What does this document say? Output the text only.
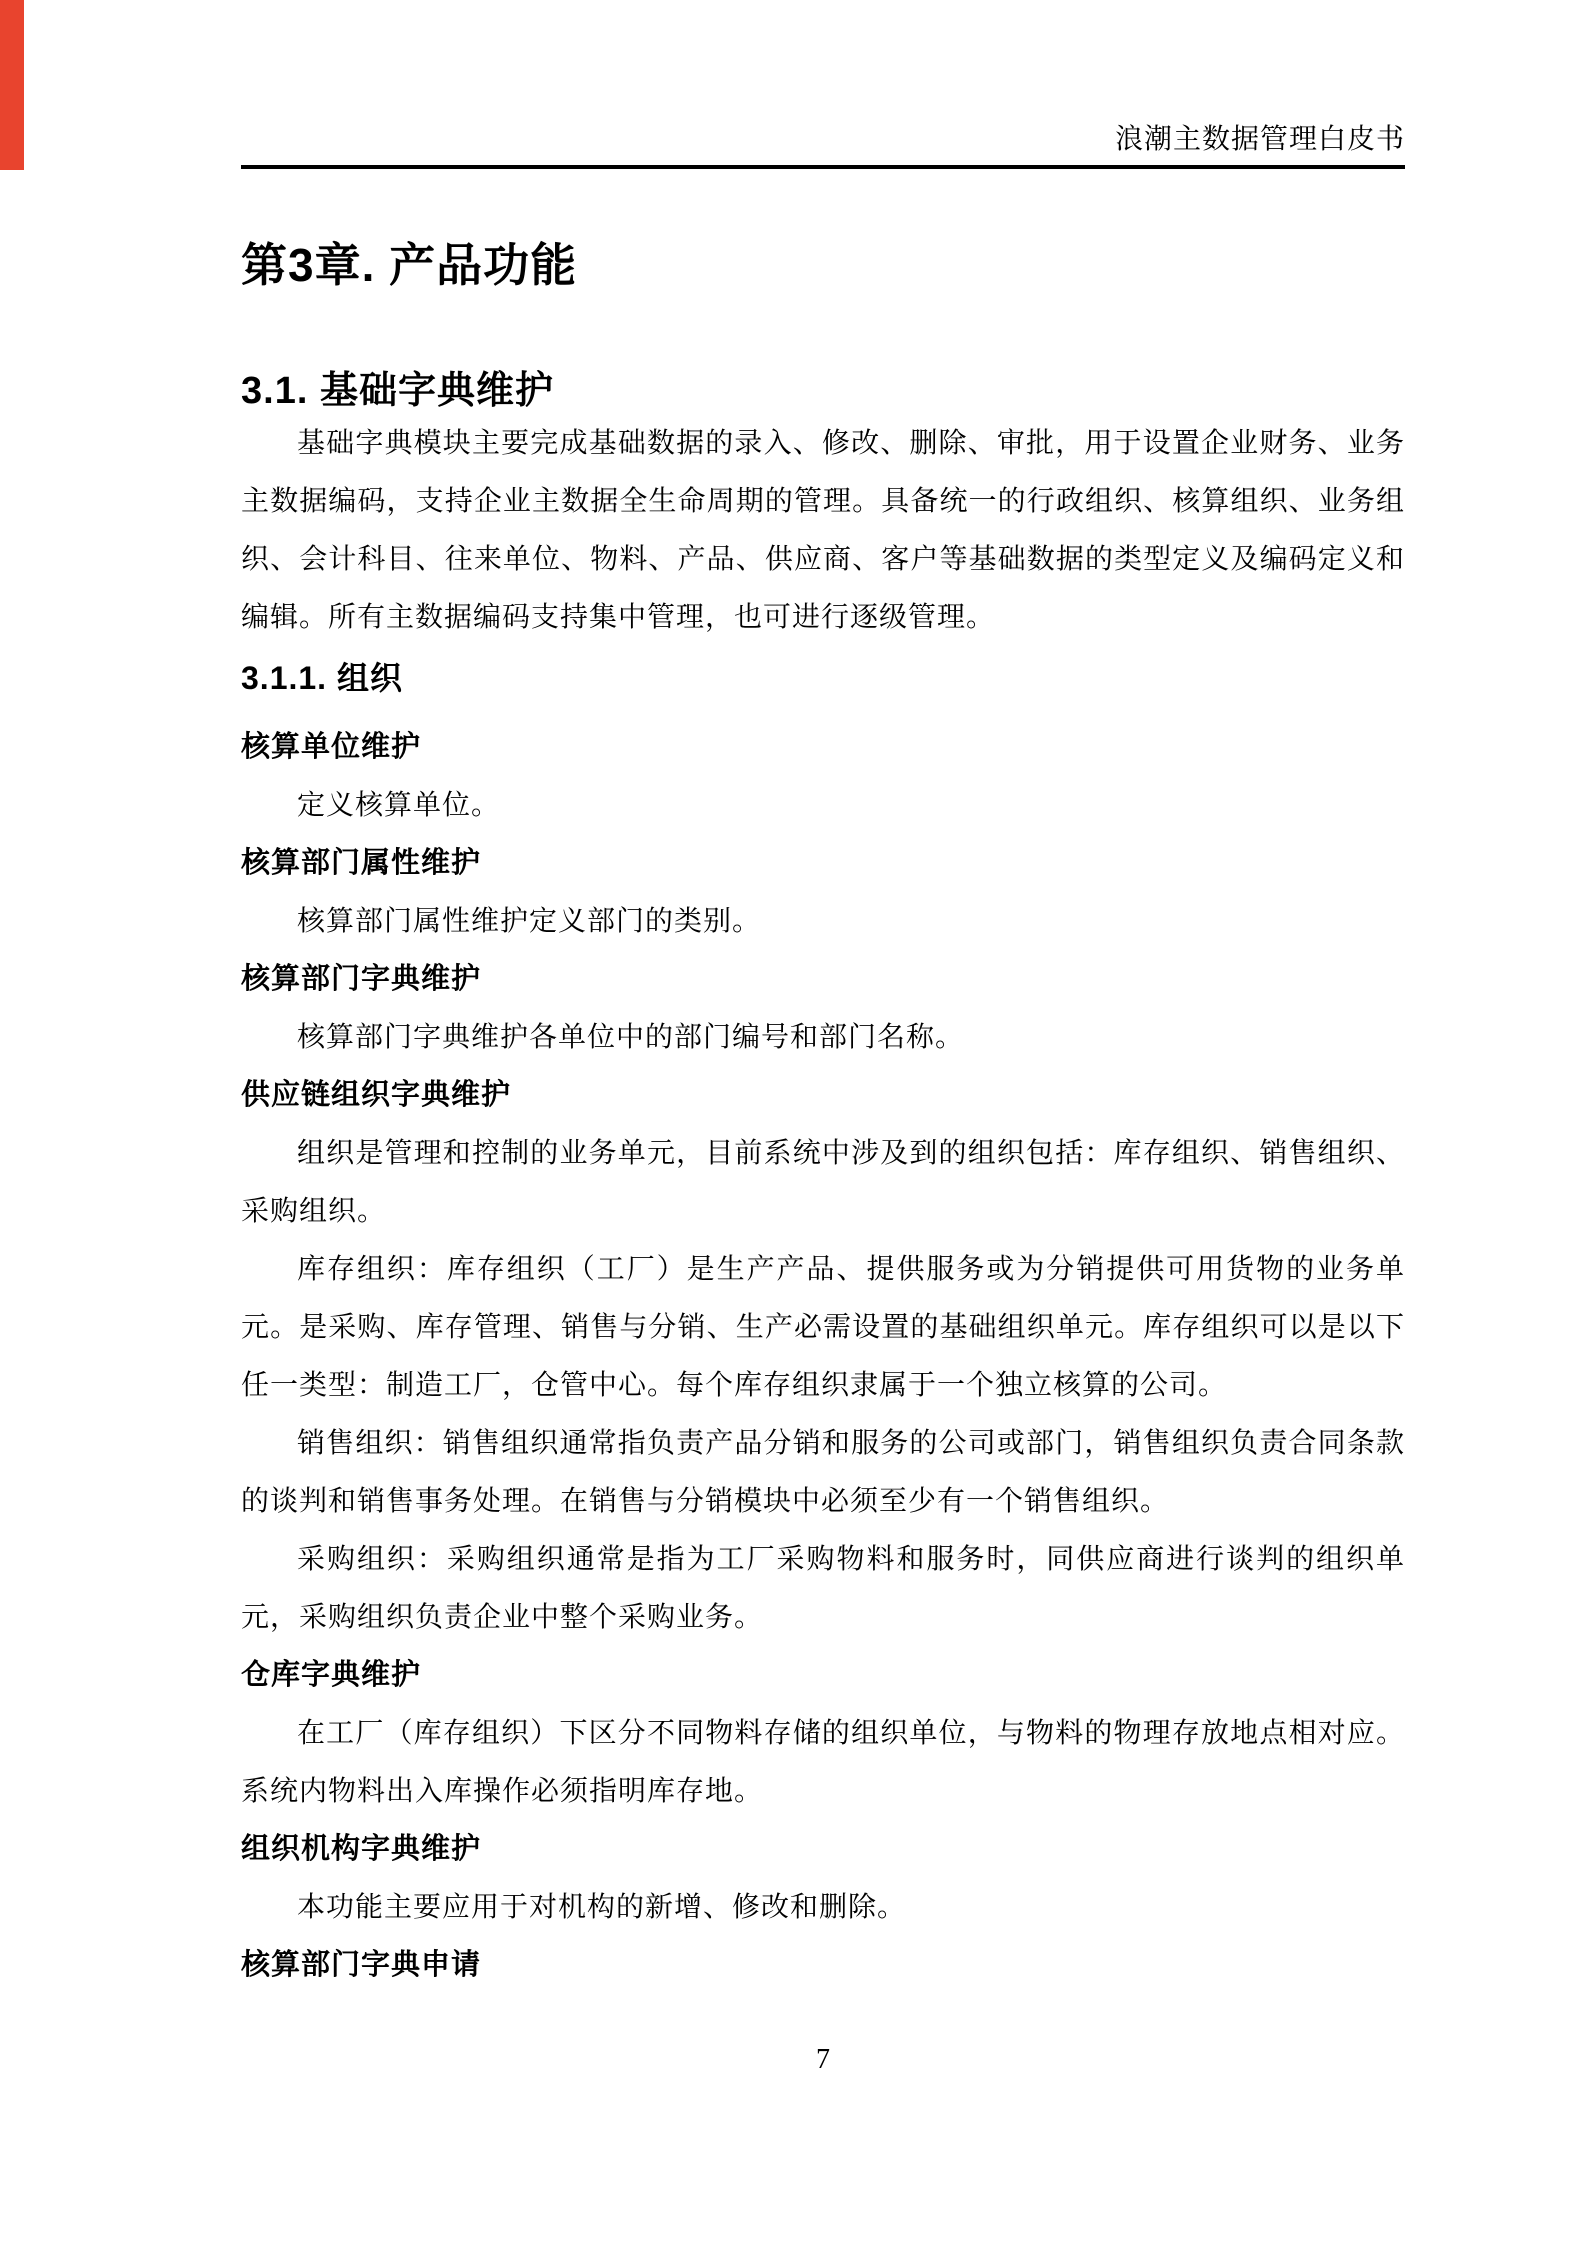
浪潮主数据管理白皮书
第3章. 产品功能
3.1. 基础字典维护

基础字典模块主要完成基础数据的录入、修改、删除、审批，用于设置企业财务、业务主数据编码，支持企业主数据全生命周期的管理。具备统一的行政组织、核算组织、业务组织、会计科目、往来单位、物料、产品、供应商、客户等基础数据的类型定义及编码定义和编辑。所有主数据编码支持集中管理，也可进行逐级管理。

3.1.1. 组织
核算单位维护

定义核算单位。

核算部门属性维护

核算部门属性维护定义部门的类别。

核算部门字典维护

核算部门字典维护各单位中的部门编号和部门名称。

供应链组织字典维护

组织是管理和控制的业务单元，目前系统中涉及到的组织包括：库存组织、销售组织、采购组织。

库存组织：库存组织（工厂）是生产产品、提供服务或为分销提供可用货物的业务单元。是采购、库存管理、销售与分销、生产必需设置的基础组织单元。库存组织可以是以下任一类型：制造工厂，仓管中心。每个库存组织隶属于一个独立核算的公司。

销售组织：销售组织通常指负责产品分销和服务的公司或部门，销售组织负责合同条款的谈判和销售事务处理。在销售与分销模块中必须至少有一个销售组织。

采购组织：采购组织通常是指为工厂采购物料和服务时，同供应商进行谈判的组织单元，采购组织负责企业中整个采购业务。

仓库字典维护

在工厂（库存组织）下区分不同物料存储的组织单位，与物料的物理存放地点相对应。系统内物料出入库操作必须指明库存地。

组织机构字典维护

本功能主要应用于对机构的新增、修改和删除。

核算部门字典申请
7
